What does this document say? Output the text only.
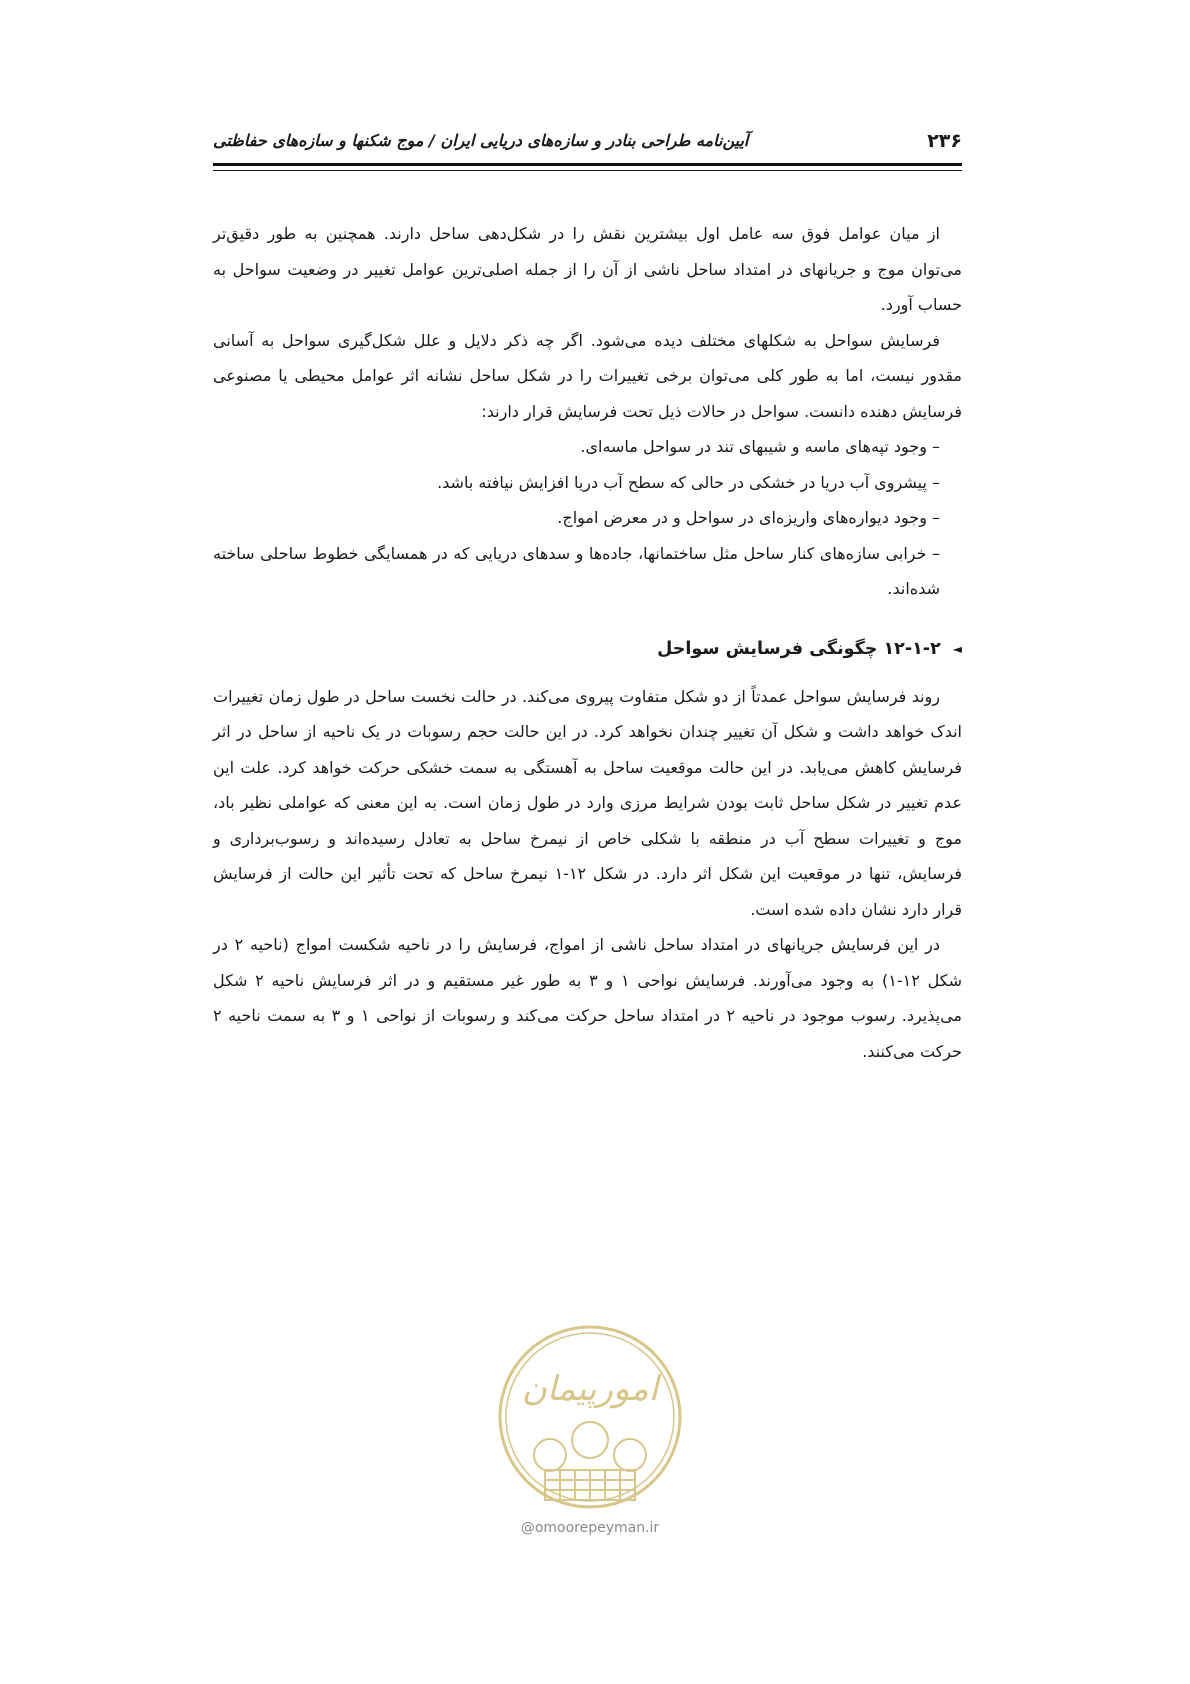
۲۳۶
آیین‌نامه طراحی بنادر و سازه‌های دریایی ایران / موج شکنها و سازه‌های حفاظتی

از میان عوامل فوق سه عامل اول بیشترین نقش را در شکل‌دهی ساحل دارند. همچنین به طور دقیق‌تر می‌توان موج و جریانهای در امتداد ساحل ناشی از آن را از جمله اصلی‌ترین عوامل تغییر در وضعیت سواحل به حساب آورد.

فرسایش سواحل به شکلهای مختلف دیده می‌شود. اگر چه ذکر دلایل و علل شکل‌گیری سواحل به آسانی مقدور نیست، اما به طور کلی می‌توان برخی تغییرات را در شکل ساحل نشانه اثر عوامل محیطی یا مصنوعی فرسایش دهنده دانست. سواحل در حالات ذیل تحت فرسایش قرار دارند:

– وجود تپه‌های ماسه و شیبهای تند در سواحل ماسه‌ای.
– پیشروی آب دریا در خشکی در حالی که سطح آب دریا افزایش نیافته باشد.
– وجود دیواره‌های واریزه‌ای در سواحل و در معرض امواج.
– خرابی سازه‌های کنار ساحل مثل ساختمانها، جاده‌ها و سدهای دریایی که در همسایگی خطوط ساحلی ساخته شده‌اند.

◄۱۲-۱-۲ چگونگی فرسایش سواحل

روند فرسایش سواحل عمدتاً از دو شکل متفاوت پیروی می‌کند. در حالت نخست ساحل در طول زمان تغییرات اندک خواهد داشت و شکل آن تغییر چندان نخواهد کرد. در این حالت حجم رسوبات در یک ناحیه از ساحل در اثر فرسایش کاهش می‌یابد. در این حالت موقعیت ساحل به آهستگی به سمت خشکی حرکت خواهد کرد. علت این عدم تغییر در شکل ساحل ثابت بودن شرایط مرزی وارد در طول زمان است. به این معنی که عواملی نظیر باد، موج و تغییرات سطح آب در منطقه با شکلی خاص از نیمرخ ساحل به تعادل رسیده‌اند و رسوب‌برداری و فرسایش، تنها در موقعیت این شکل اثر دارد. در شکل ۱۲-۱ نیمرخ ساحل که تحت تأثیر این حالت از فرسایش قرار دارد نشان داده شده است.

در این فرسایش جریانهای در امتداد ساحل ناشی از امواج، فرسایش را در ناحیه شکست امواج (ناحیه ۲ در شکل ۱۲-۱) به وجود می‌آورند. فرسایش نواحی ۱ و ۳ به طور غیر مستقیم و در اثر فرسایش ناحیه ۲ شکل می‌پذیرد. رسوب موجود در ناحیه ۲ در امتداد ساحل حرکت می‌کند و رسوبات از نواحی ۱ و ۳ به سمت ناحیه ۲ حرکت می‌کنند.

امورپیمان
@omoorepeyman.ir
